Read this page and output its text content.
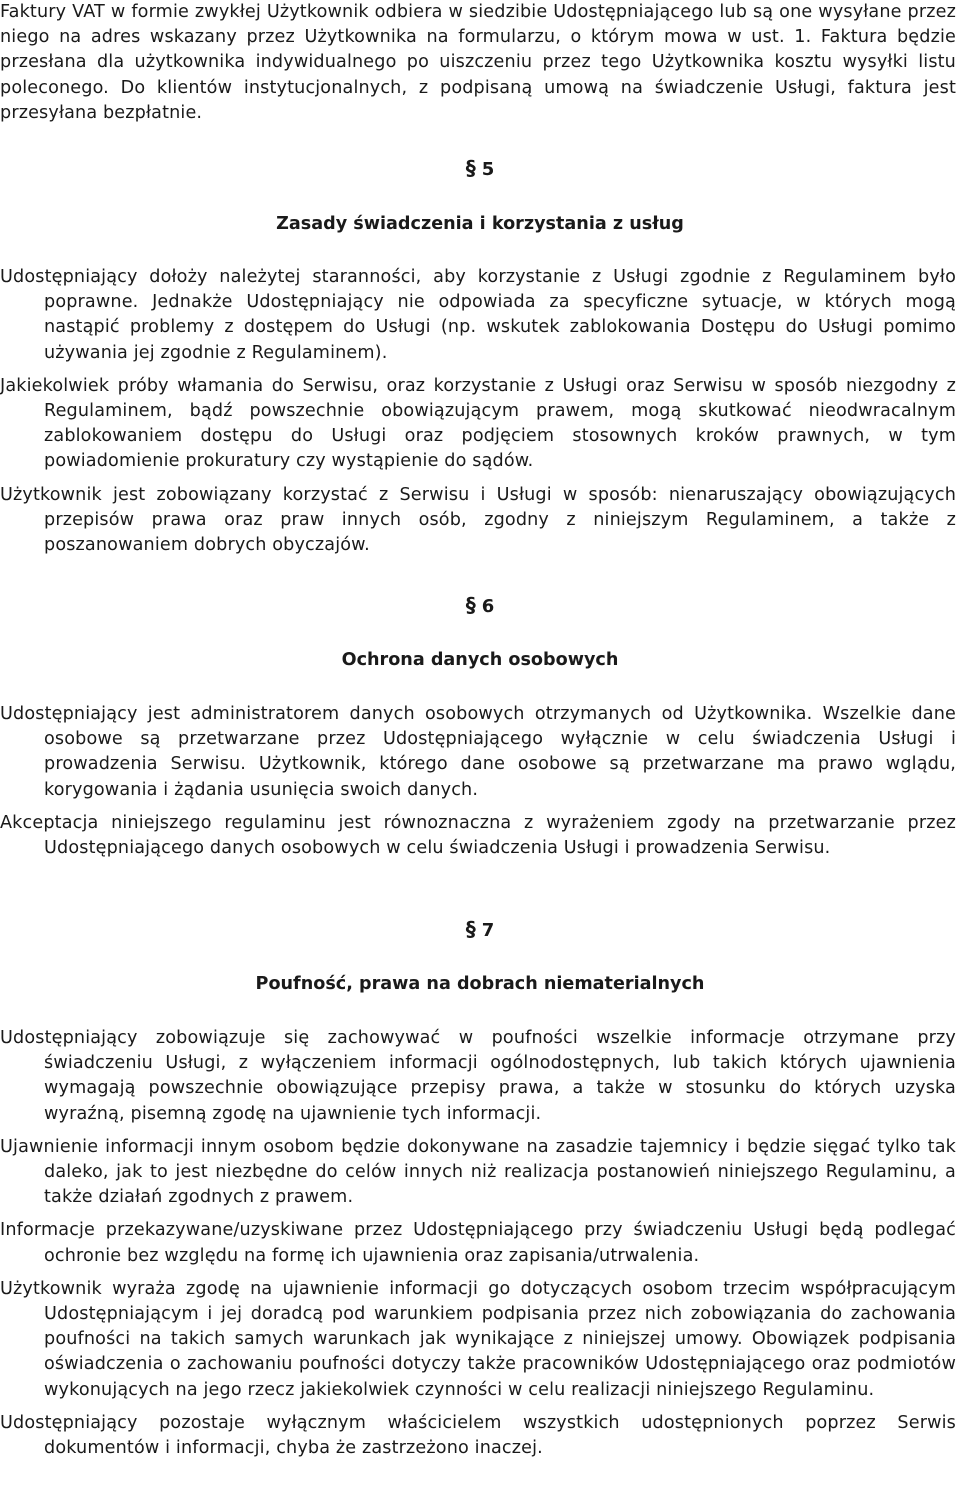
Faktury VAT w formie zwykłej Użytkownik odbiera w siedzibie Udostępniającego lub są one wysyłane przez niego na adres wskazany przez Użytkownika na formularzu, o którym mowa w ust. 1. Faktura będzie przesłana dla użytkownika indywidualnego po uiszczeniu przez tego Użytkownika kosztu wysyłki listu poleconego. Do klientów instytucjonalnych, z podpisaną umową na świadczenie Usługi, faktura jest przesyłana bezpłatnie.

§ 5
Zasady świadczenia i korzystania z usług

Udostępniający dołoży należytej staranności, aby korzystanie z Usługi zgodnie z Regulaminem było poprawne. Jednakże Udostępniający nie odpowiada za specyficzne sytuacje, w których mogą nastąpić problemy z dostępem do Usługi (np. wskutek zablokowania Dostępu do Usługi pomimo używania jej zgodnie z Regulaminem).

Jakiekolwiek próby włamania do Serwisu, oraz korzystanie z Usługi oraz Serwisu w sposób niezgodny z Regulaminem, bądź powszechnie obowiązującym prawem, mogą skutkować nieodwracalnym zablokowaniem dostępu do Usługi oraz podjęciem stosownych kroków prawnych, w tym powiadomienie prokuratury czy wystąpienie do sądów.

Użytkownik jest zobowiązany korzystać z Serwisu i Usługi w sposób: nienaruszający obowiązujących przepisów prawa oraz praw innych osób, zgodny z niniejszym Regulaminem, a także z poszanowaniem dobrych obyczajów.

§ 6
Ochrona danych osobowych

Udostępniający jest administratorem danych osobowych otrzymanych od Użytkownika. Wszelkie dane osobowe są przetwarzane przez Udostępniającego wyłącznie w celu świadczenia Usługi i prowadzenia Serwisu. Użytkownik, którego dane osobowe są przetwarzane ma prawo wglądu, korygowania i żądania usunięcia swoich danych.

Akceptacja niniejszego regulaminu jest równoznaczna z wyrażeniem zgody na przetwarzanie przez Udostępniającego danych osobowych w celu świadczenia Usługi i prowadzenia Serwisu.

§ 7
Poufność, prawa na dobrach niematerialnych

Udostępniający zobowiązuje się zachowywać w poufności wszelkie informacje otrzymane przy świadczeniu Usługi, z wyłączeniem informacji ogólnodostępnych, lub takich których ujawnienia wymagają powszechnie obowiązujące przepisy prawa, a także w stosunku do których uzyska wyraźną, pisemną zgodę na ujawnienie tych informacji.

Ujawnienie informacji innym osobom będzie dokonywane na zasadzie tajemnicy i będzie sięgać tylko tak daleko, jak to jest niezbędne do celów innych niż realizacja postanowień niniejszego Regulaminu, a także działań zgodnych z prawem.

Informacje przekazywane/uzyskiwane przez Udostępniającego przy świadczeniu Usługi będą podlegać ochronie bez względu na formę ich ujawnienia oraz zapisania/utrwalenia.

Użytkownik wyraża zgodę na ujawnienie informacji go dotyczących osobom trzecim współpracującym Udostępniającym i jej doradcą pod warunkiem podpisania przez nich zobowiązania do zachowania poufności na takich samych warunkach jak wynikające z niniejszej umowy. Obowiązek podpisania oświadczenia o zachowaniu poufności dotyczy także pracowników Udostępniającego oraz podmiotów wykonujących na jego rzecz jakiekolwiek czynności w celu realizacji niniejszego Regulaminu.

Udostępniający pozostaje wyłącznym właścicielem wszystkich udostępnionych poprzez Serwis dokumentów i informacji, chyba że zastrzeżono inaczej.
